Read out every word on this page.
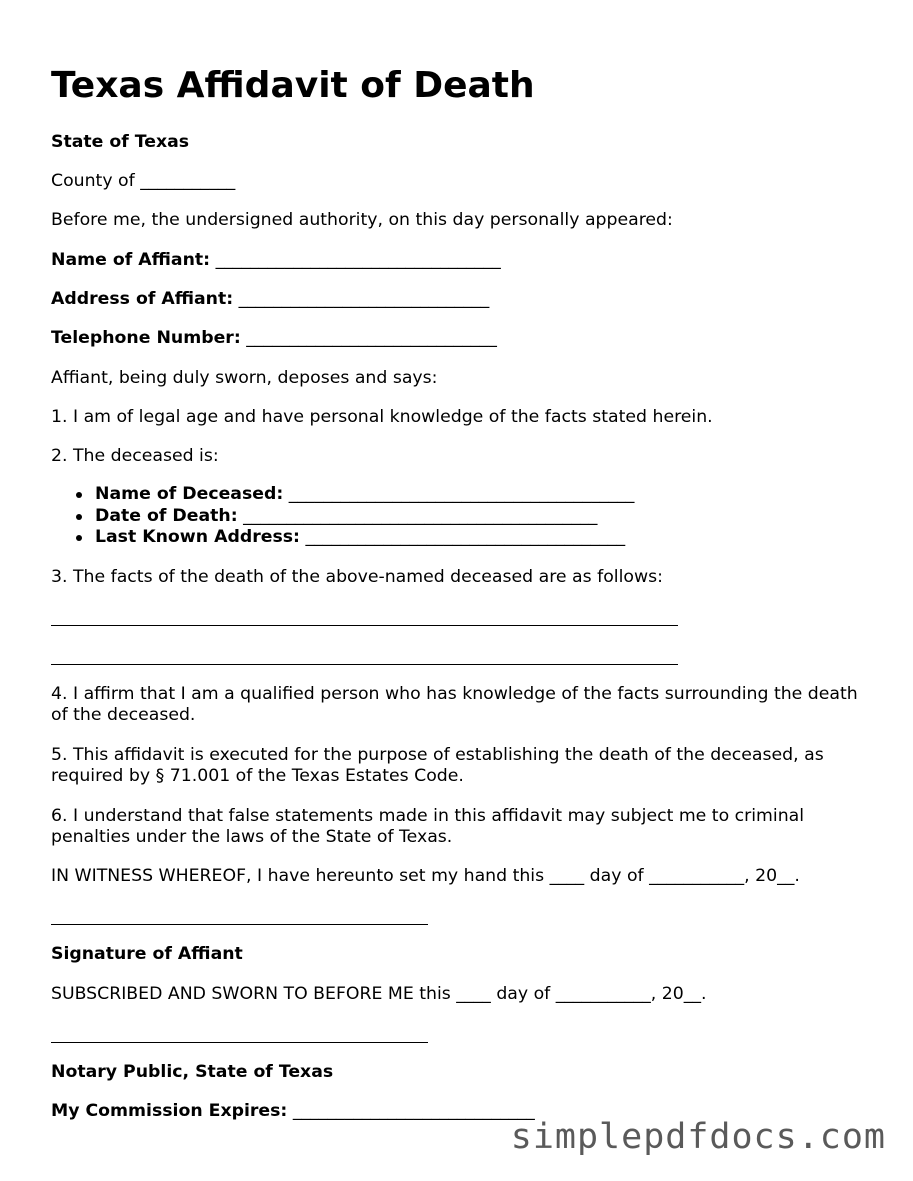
Texas Affidavit of Death

State of Texas

County of ___________

Before me, the undersigned authority, on this day personally appeared:

Name of Affiant: _________________________________

Address of Affiant: _____________________________

Telephone Number: _____________________________

Affiant, being duly sworn, deposes and says:

1. I am of legal age and have personal knowledge of the facts stated herein.

2. The deceased is:

Name of Deceased: ________________________________________
Date of Death: _________________________________________
Last Known Address: _____________________________________

3. The facts of the death of the above-named deceased are as follows:

4. I affirm that I am a qualified person who has knowledge of the facts surrounding the death of the deceased.

5. This affidavit is executed for the purpose of establishing the death of the deceased, as required by § 71.001 of the Texas Estates Code.

6. I understand that false statements made in this affidavit may subject me to criminal penalties under the laws of the State of Texas.

IN WITNESS WHEREOF, I have hereunto set my hand this ____ day of ___________, 20__.

Signature of Affiant

SUBSCRIBED AND SWORN TO BEFORE ME this ____ day of ___________, 20__.

Notary Public, State of Texas

My Commission Expires: ____________________________

simplepdfdocs.com
